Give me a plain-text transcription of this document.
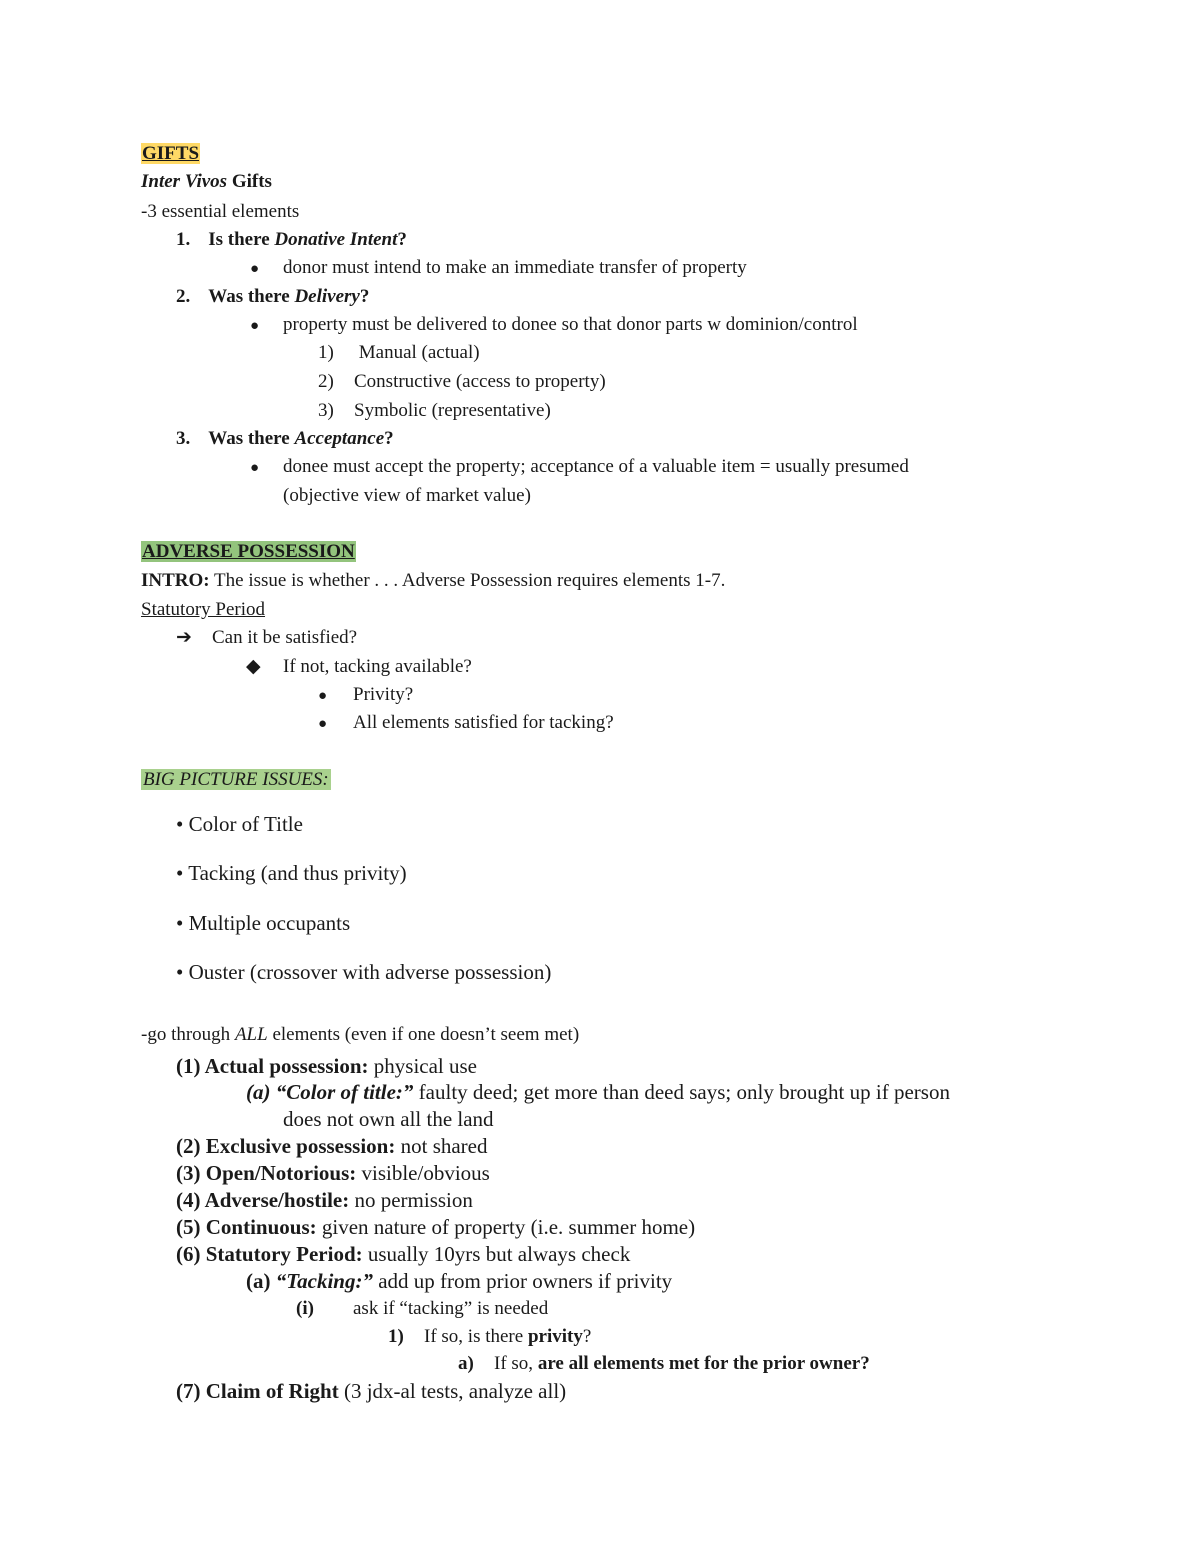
GIFTS
Inter Vivos Gifts
-3 essential elements
1. Is there Donative Intent?
● donor must intend to make an immediate transfer of property
2. Was there Delivery?
● property must be delivered to donee so that donor parts w dominion/control
1) Manual (actual)
2) Constructive (access to property)
3) Symbolic (representative)
3. Was there Acceptance?
● donee must accept the property; acceptance of a valuable item = usually presumed
(objective view of market value)
ADVERSE POSSESSION
INTRO: The issue is whether . . . Adverse Possession requires elements 1-7.
Statutory Period
➔ Can it be satisfied?
◆ If not, tacking available?
● Privity?
● All elements satisfied for tacking?
BIG PICTURE ISSUES:
• Color of Title
• Tacking (and thus privity)
• Multiple occupants
• Ouster (crossover with adverse possession)
-go through ALL elements (even if one doesn’t seem met)
(1) Actual possession: physical use
(a) “Color of title:” faulty deed; get more than deed says; only brought up if person
does not own all the land
(2) Exclusive possession: not shared
(3) Open/Notorious: visible/obvious
(4) Adverse/hostile: no permission
(5) Continuous: given nature of property (i.e. summer home)
(6) Statutory Period: usually 10yrs but always check
(a) “Tacking:” add up from prior owners if privity
(i) ask if “tacking” is needed
1) If so, is there privity?
a) If so, are all elements met for the prior owner?
(7) Claim of Right (3 jdx-al tests, analyze all)
